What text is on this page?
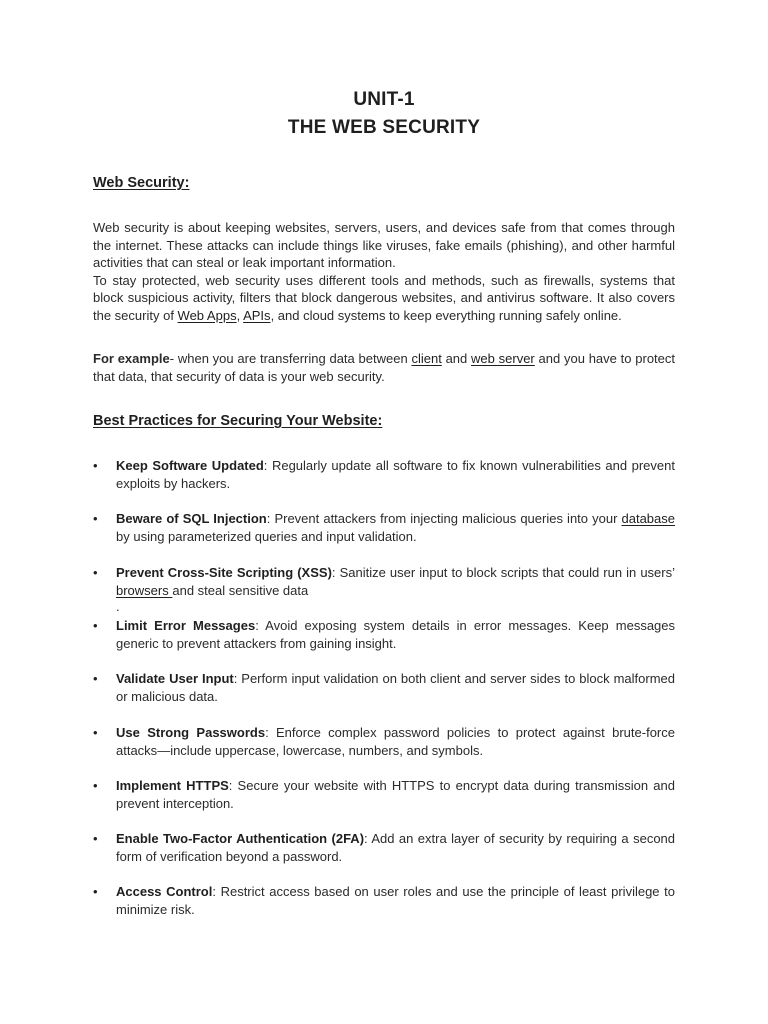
UNIT-1
THE WEB SECURITY
Web Security:

Web security is about keeping websites, servers, users, and devices safe from that comes through the internet. These attacks can include things like viruses, fake emails (phishing), and other harmful activities that can steal or leak important information.
To stay protected, web security uses different tools and methods, such as firewalls, systems that block suspicious activity, filters that block dangerous websites, and antivirus software. It also covers the security of Web Apps, APIs, and cloud systems to keep everything running safely online.

For example- when you are transferring data between client and web server and you have to protect that data, that security of data is your web security.

Best Practices for Securing Your Website:
• Keep Software Updated: Regularly update all software to fix known vulnerabilities and prevent exploits by hackers.

• Beware of SQL Injection: Prevent attackers from injecting malicious queries into your database by using parameterized queries and input validation.

• Prevent Cross-Site Scripting (XSS): Sanitize user input to block scripts that could run in users’ browsers and steal sensitive data

.
• Limit Error Messages: Avoid exposing system details in error messages. Keep messages generic to prevent attackers from gaining insight.

• Validate User Input: Perform input validation on both client and server sides to block malformed or malicious data.

• Use Strong Passwords: Enforce complex password policies to protect against brute-force attacks—include uppercase, lowercase, numbers, and symbols.

• Implement HTTPS: Secure your website with HTTPS to encrypt data during transmission and prevent interception.

• Enable Two-Factor Authentication (2FA): Add an extra layer of security by requiring a second form of verification beyond a password.

• Access Control: Restrict access based on user roles and use the principle of least privilege to minimize risk.
